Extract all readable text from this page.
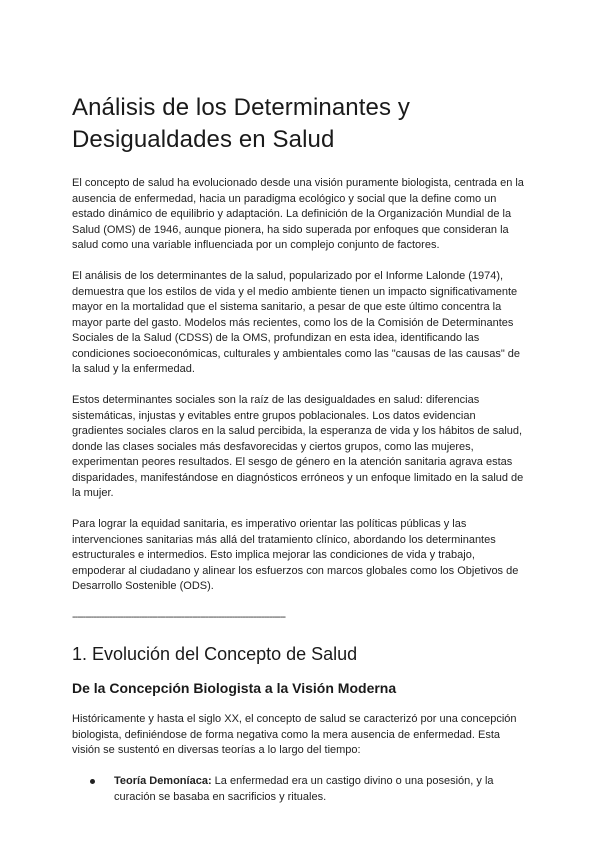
Análisis de los Determinantes y Desigualdades en Salud

El concepto de salud ha evolucionado desde una visión puramente biologista, centrada en la ausencia de enfermedad, hacia un paradigma ecológico y social que la define como un estado dinámico de equilibrio y adaptación. La definición de la Organización Mundial de la Salud (OMS) de 1946, aunque pionera, ha sido superada por enfoques que consideran la salud como una variable influenciada por un complejo conjunto de factores.

El análisis de los determinantes de la salud, popularizado por el Informe Lalonde (1974), demuestra que los estilos de vida y el medio ambiente tienen un impacto significativamente mayor en la mortalidad que el sistema sanitario, a pesar de que este último concentra la mayor parte del gasto. Modelos más recientes, como los de la Comisión de Determinantes Sociales de la Salud (CDSS) de la OMS, profundizan en esta idea, identificando las condiciones socioeconómicas, culturales y ambientales como las "causas de las causas" de la salud y la enfermedad.

Estos determinantes sociales son la raíz de las desigualdades en salud: diferencias sistemáticas, injustas y evitables entre grupos poblacionales. Los datos evidencian gradientes sociales claros en la salud percibida, la esperanza de vida y los hábitos de salud, donde las clases sociales más desfavorecidas y ciertos grupos, como las mujeres, experimentan peores resultados. El sesgo de género en la atención sanitaria agrava estas disparidades, manifestándose en diagnósticos erróneos y un enfoque limitado en la salud de la mujer.

Para lograr la equidad sanitaria, es imperativo orientar las políticas públicas y las intervenciones sanitarias más allá del tratamiento clínico, abordando los determinantes estructurales e intermedios. Esto implica mejorar las condiciones de vida y trabajo, empoderar al ciudadano y alinear los esfuerzos con marcos globales como los Objetivos de Desarrollo Sostenible (ODS).

--------------------------------------------------------------------------------
1. Evolución del Concepto de Salud
De la Concepción Biologista a la Visión Moderna

Históricamente y hasta el siglo XX, el concepto de salud se caracterizó por una concepción biologista, definiéndose de forma negativa como la mera ausencia de enfermedad. Esta visión se sustentó en diversas teorías a lo largo del tiempo:

Teoría Demoníaca: La enfermedad era un castigo divino o una posesión, y la curación se basaba en sacrificios y rituales.
